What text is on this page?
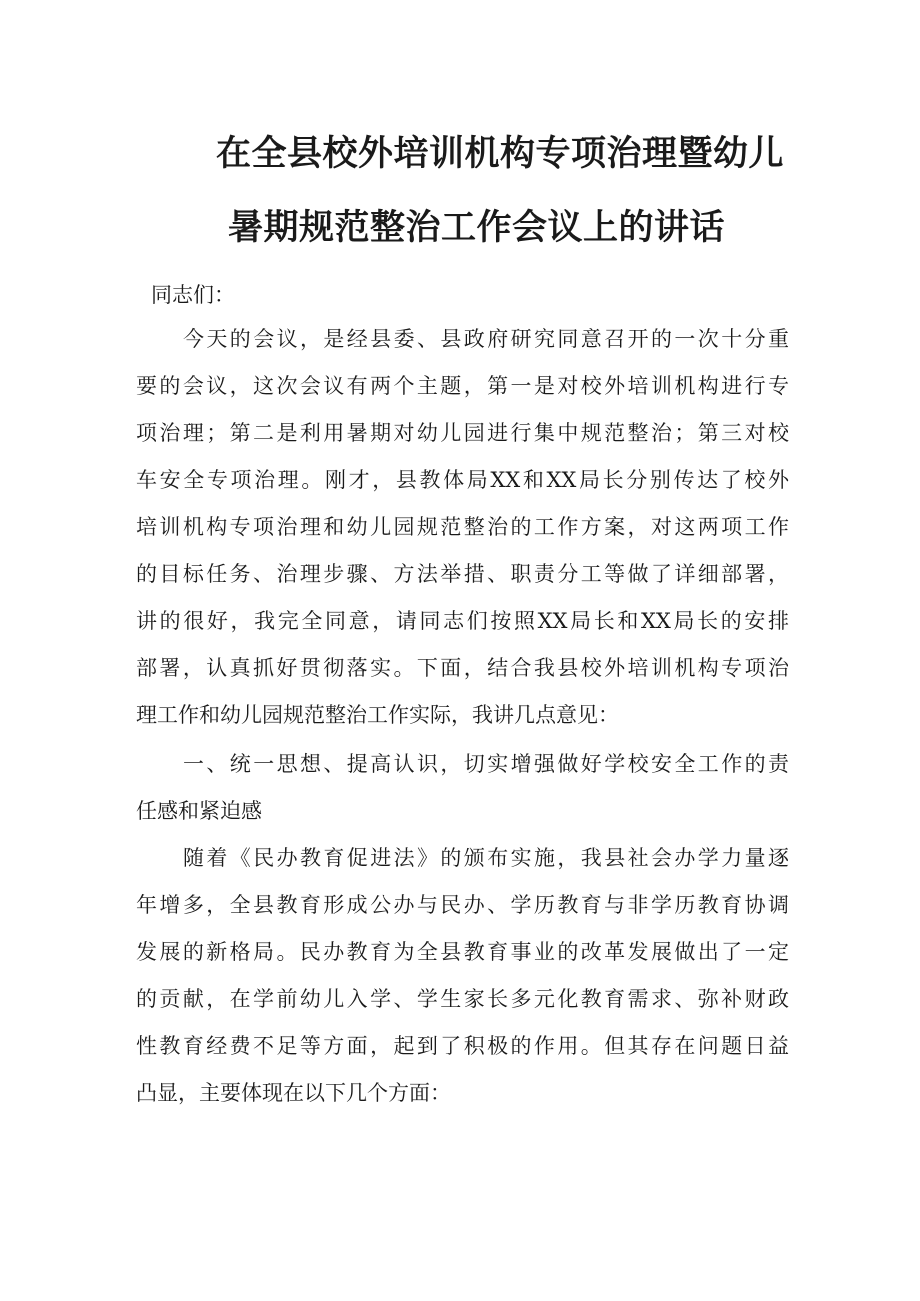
在全县校外培训机构专项治理暨幼儿
暑期规范整治工作会议上的讲话
同志们：
今天的会议，是经县委、县政府研究同意召开的一次十分重
要的会议，这次会议有两个主题，第一是对校外培训机构进行专
项治理；第二是利用暑期对幼儿园进行集中规范整治；第三对校
车安全专项治理。刚才，县教体局XX和XX局长分别传达了校外
培训机构专项治理和幼儿园规范整治的工作方案，对这两项工作
的目标任务、治理步骤、方法举措、职责分工等做了详细部署，
讲的很好，我完全同意，请同志们按照XX局长和XX局长的安排
部署，认真抓好贯彻落实。下面，结合我县校外培训机构专项治
理工作和幼儿园规范整治工作实际，我讲几点意见：
一、统一思想、提高认识，切实增强做好学校安全工作的责
任感和紧迫感
随着《民办教育促进法》的颁布实施，我县社会办学力量逐
年增多，全县教育形成公办与民办、学历教育与非学历教育协调
发展的新格局。民办教育为全县教育事业的改革发展做出了一定
的贡献，在学前幼儿入学、学生家长多元化教育需求、弥补财政
性教育经费不足等方面，起到了积极的作用。但其存在问题日益
凸显，主要体现在以下几个方面：
